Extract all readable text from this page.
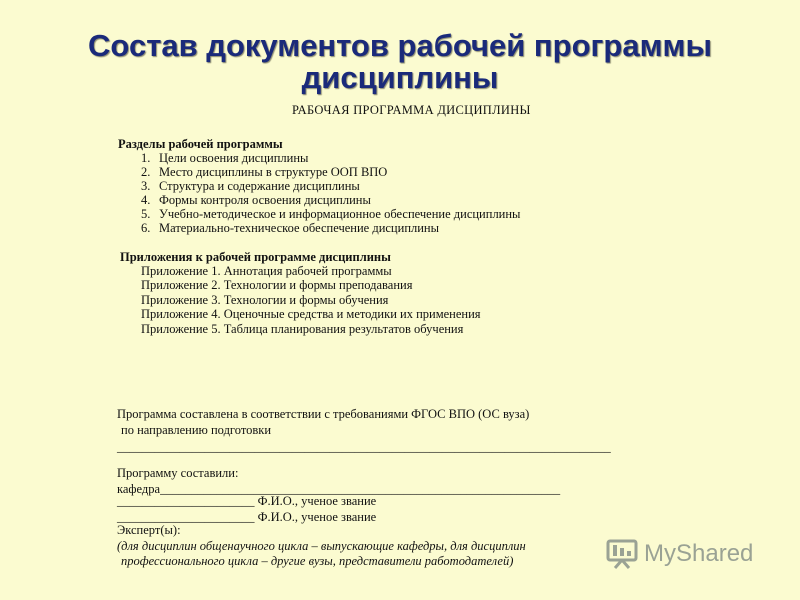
Состав документов рабочей программы
дисциплины
РАБОЧАЯ ПРОГРАММА ДИСЦИПЛИНЫ
Разделы рабочей программы
1. Цели освоения дисциплины
2. Место дисциплины в структуре ООП ВПО
3. Структура и содержание дисциплины
4. Формы контроля освоения дисциплины
5. Учебно-методическое и информационное обеспечение дисциплины
6. Материально-техническое обеспечение дисциплины
Приложения к рабочей программе дисциплины
Приложение 1. Аннотация рабочей программы
Приложение 2. Технологии и формы преподавания
Приложение 3. Технологии и формы обучения
Приложение 4. Оценочные средства и методики их применения
Приложение 5. Таблица планирования результатов обучения
Программа составлена в соответствии с требованиями ФГОС ВПО (ОС вуза)
по направлению подготовки
_______________________________________________________________________________
Программу составили:
кафедра________________________________________________________________
______________________ Ф.И.О., ученое звание
______________________ Ф.И.О., ученое звание
Эксперт(ы):
(для дисциплин общенаучного цикла – выпускающие кафедры, для дисциплин
профессионального цикла – другие вузы, представители работодателей)	MyShared
